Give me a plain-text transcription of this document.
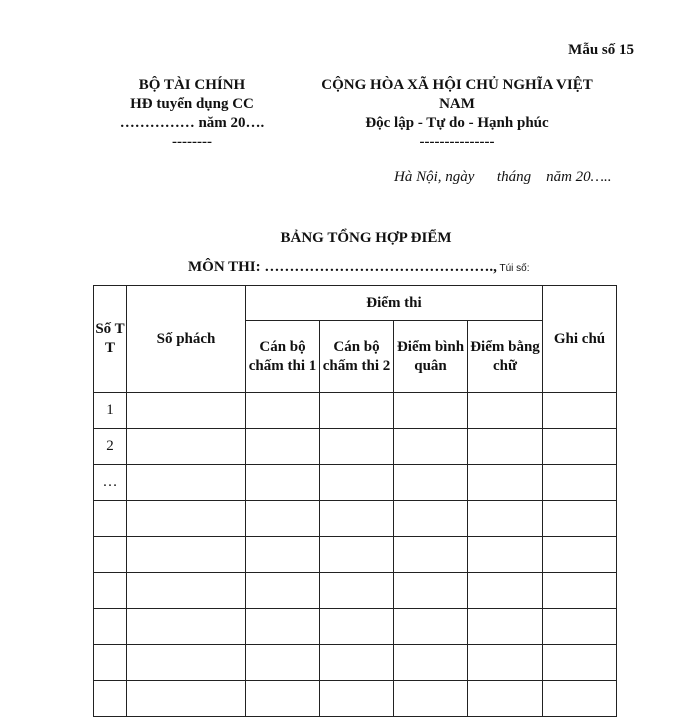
Mẫu số 15
BỘ TÀI CHÍNH
HĐ tuyển dụng CC
…………… năm 20….
--------
CỘNG HÒA XÃ HỘI CHỦ NGHĨA VIỆT
NAM
Độc lập - Tự do - Hạnh phúc
---------------
Hà Nội, ngày      tháng    năm 20…..
BẢNG TỔNG HỢP ĐIỂM
MÔN THI: ………………………………………., Túi số:
Số T T	Số phách	Điểm thi				Ghi chú
		Cán bộ chấm thi 1	Cán bộ chấm thi 2	Điểm bình quân	Điểm bằng chữ	
1						
2						
…						
